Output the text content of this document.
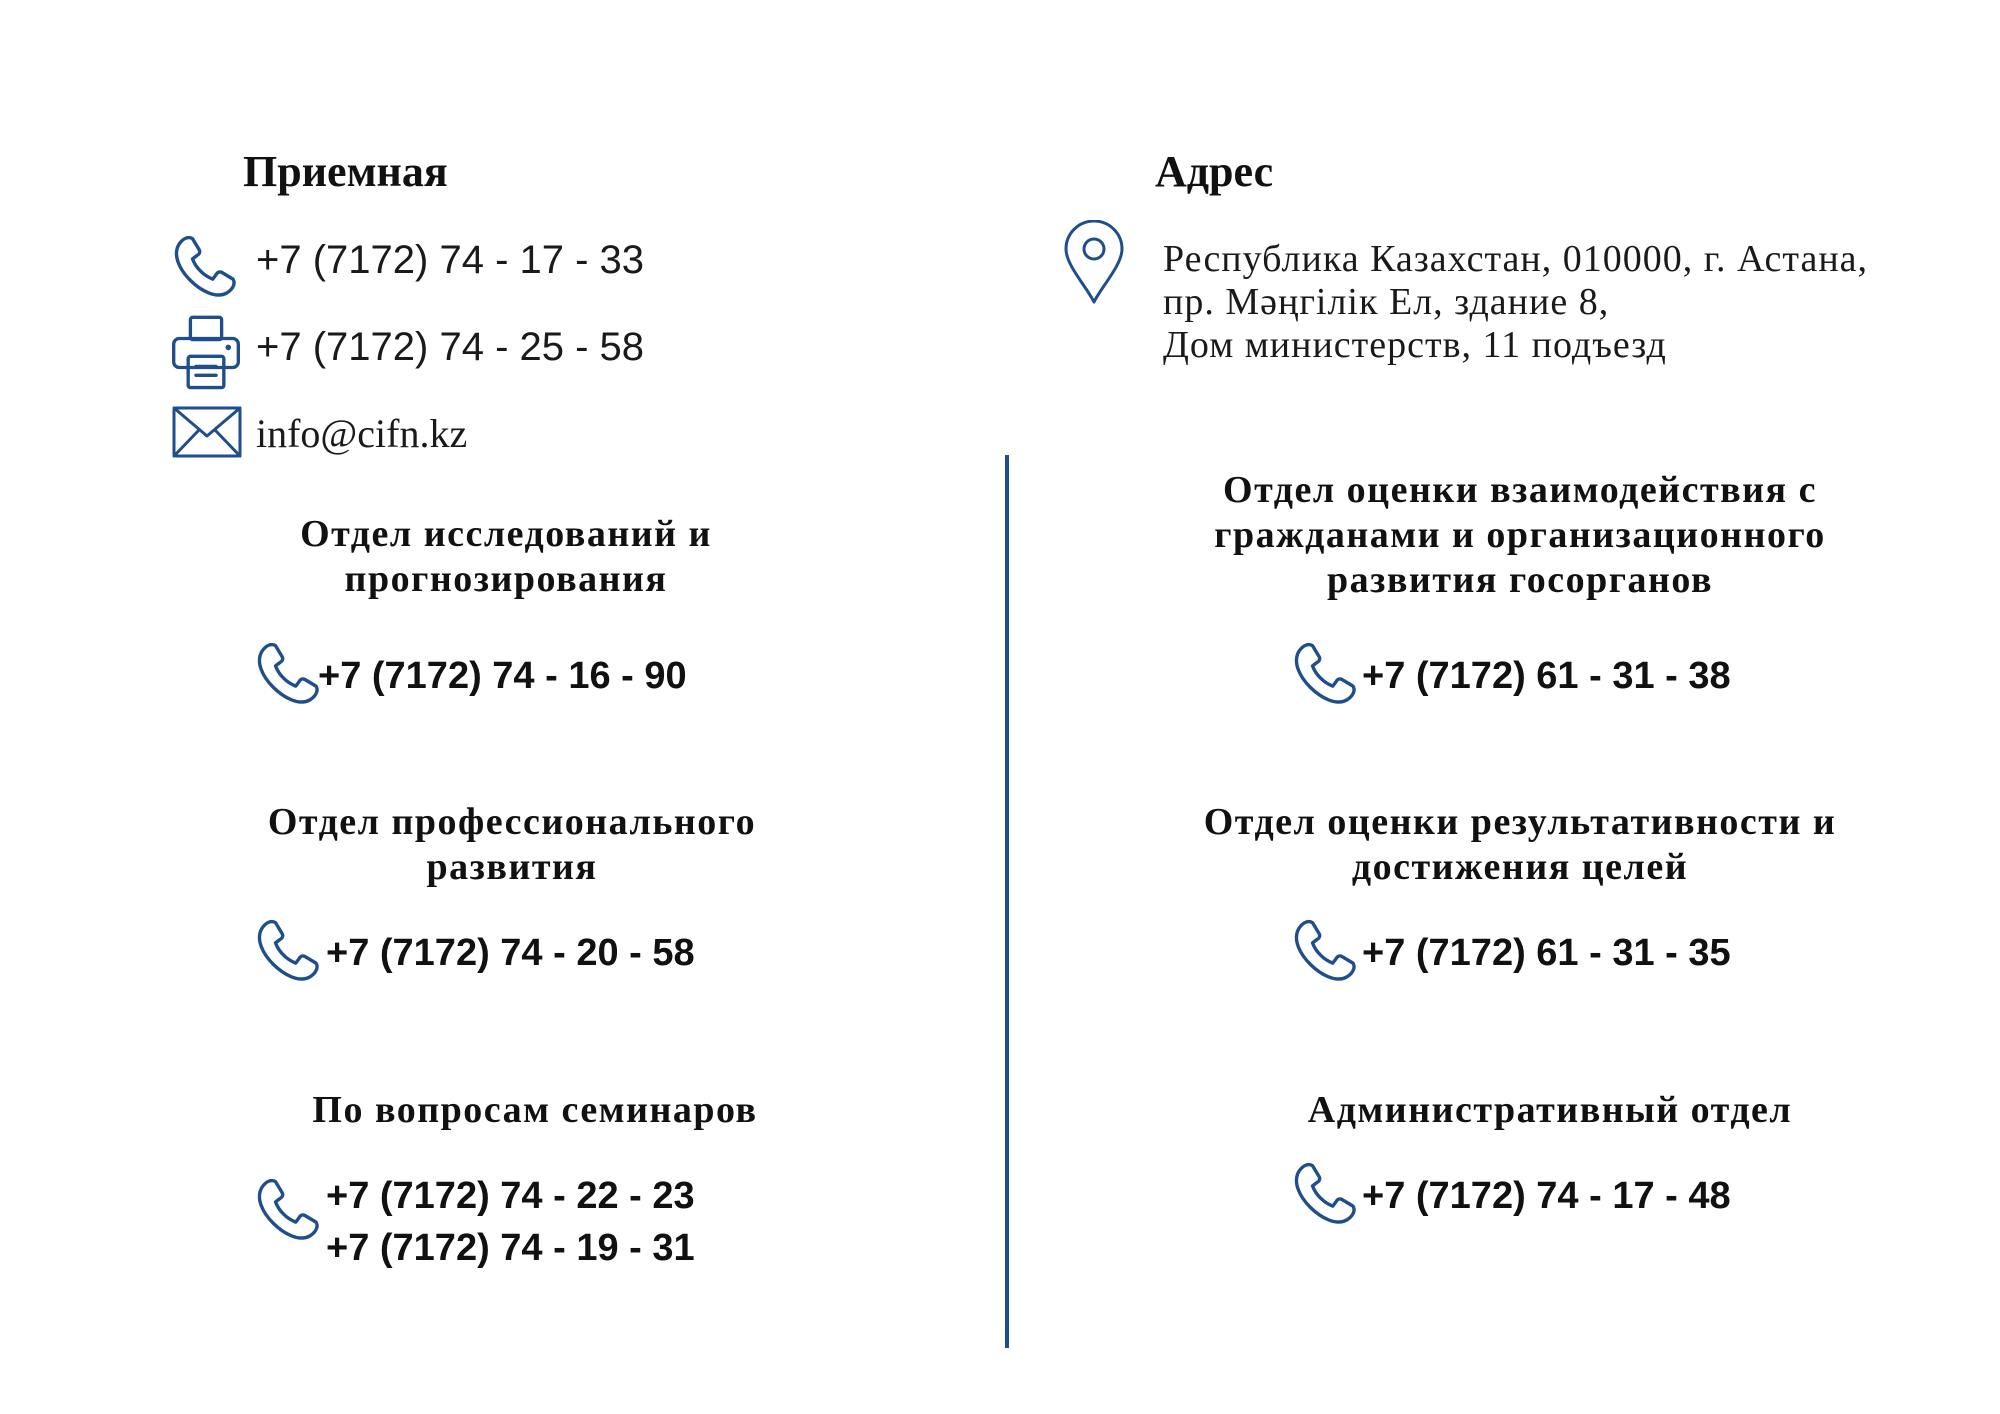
Приемная
+7 (7172) 74 - 17 - 33
+7 (7172) 74 - 25 - 58
info@cifn.kz
Адрес
Республика Казахстан, 010000, г. Астана,
пр. Мәңгілік Ел, здание 8,
Дом министерств, 11 подъезд
Отдел исследований и
прогнозирования
+7 (7172) 74 - 16 - 90
Отдел профессионального
развития
+7 (7172) 74 - 20 - 58
По вопросам семинаров
+7 (7172) 74 - 22 - 23
+7 (7172) 74 - 19 - 31
Отдел оценки взаимодействия с
гражданами и организационного
развития госорганов
+7 (7172) 61 - 31 - 38
Отдел оценки результативности и
достижения целей
+7 (7172) 61 - 31 - 35
Административный отдел
+7 (7172) 74 - 17 - 48
